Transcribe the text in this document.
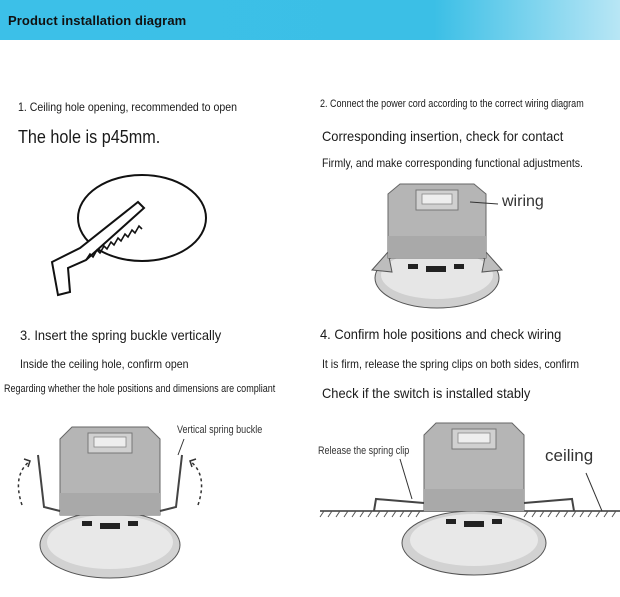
Product installation diagram
1. Ceiling hole opening, recommended to open
The hole is p45mm.
2. Connect the power cord according to the correct wiring diagram
Corresponding insertion, check for contact
Firmly, and make corresponding functional adjustments.
3. Insert the spring buckle vertically
Inside the ceiling hole, confirm open
Regarding whether the hole positions and dimensions are compliant
4. Confirm hole positions and check wiring
It is firm, release the spring clips on both sides, confirm
Check if the switch is installed stably
wiring
Vertical spring buckle
Release the spring clip	ceiling
